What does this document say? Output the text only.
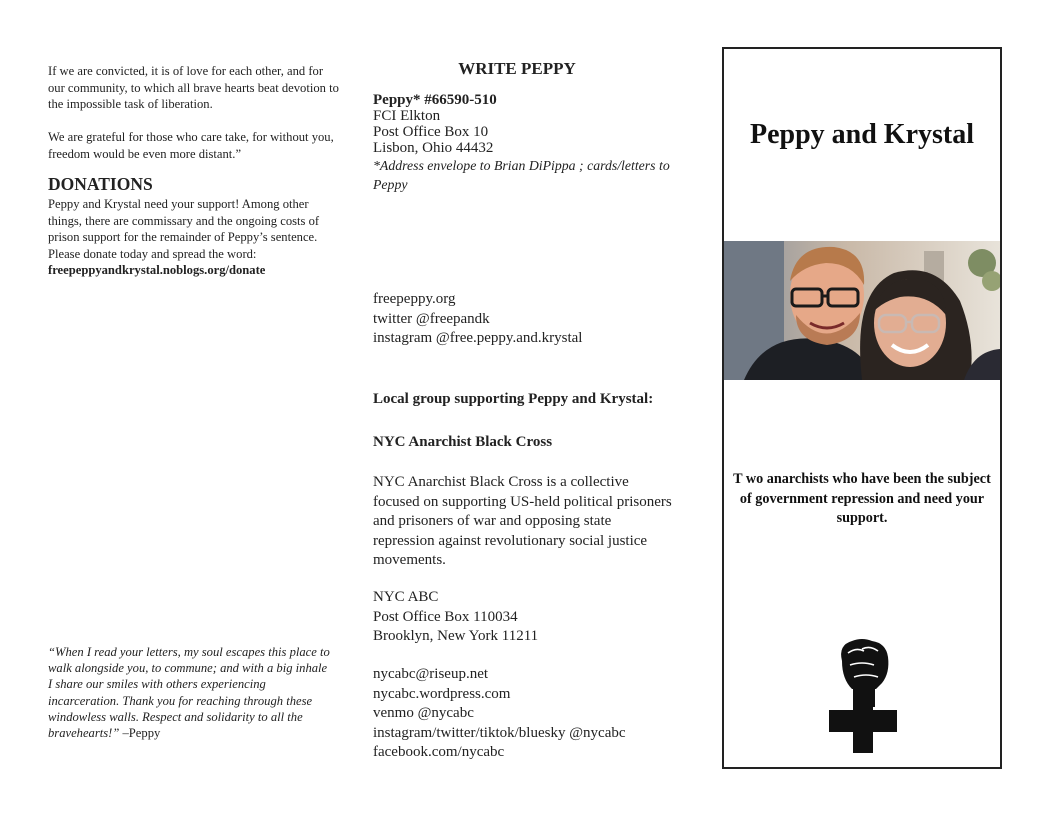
If we are convicted, it is of love for each other, and for our community, to which all brave hearts beat devotion to the impossible task of liberation.

We are grateful for those who care take, for without you, freedom would be even more distant.”

DONATIONS

Peppy and Krystal need your support! Among other things, there are commissary and the ongoing costs of prison support for the remainder of Peppy’s sentence. Please donate today and spread the word: freepeppyandkrystal.noblogs.org/donate

“When I read your letters, my soul escapes this place to walk alongside you, to commune; and with a big inhale I share our smiles with others experiencing incarceration. Thank you for reaching through these windowless walls. Respect and solidarity to all the bravehearts!” –Peppy

WRITE PEPPY
Peppy* #66590-510
FCI Elkton
Post Office Box 10
Lisbon, Ohio 44432
*Address envelope to Brian DiPippa ; cards/letters to Peppy
freepeppy.org
twitter @freepandk
instagram @free.peppy.and.krystal
Local group supporting Peppy and Krystal:
NYC Anarchist Black Cross

NYC Anarchist Black Cross is a collective focused on supporting US-held political prisoners and prisoners of war and opposing state repression against revolutionary social justice movements.

NYC ABC
Post Office Box 110034
Brooklyn, New York 11211
nycabc@riseup.net
nycabc.wordpress.com
venmo @nycabc
instagram/twitter/tiktok/bluesky @nycabc
facebook.com/nycabc
Peppy and Krystal
T wo anarchists who have been the subject of government repression and need your support.
